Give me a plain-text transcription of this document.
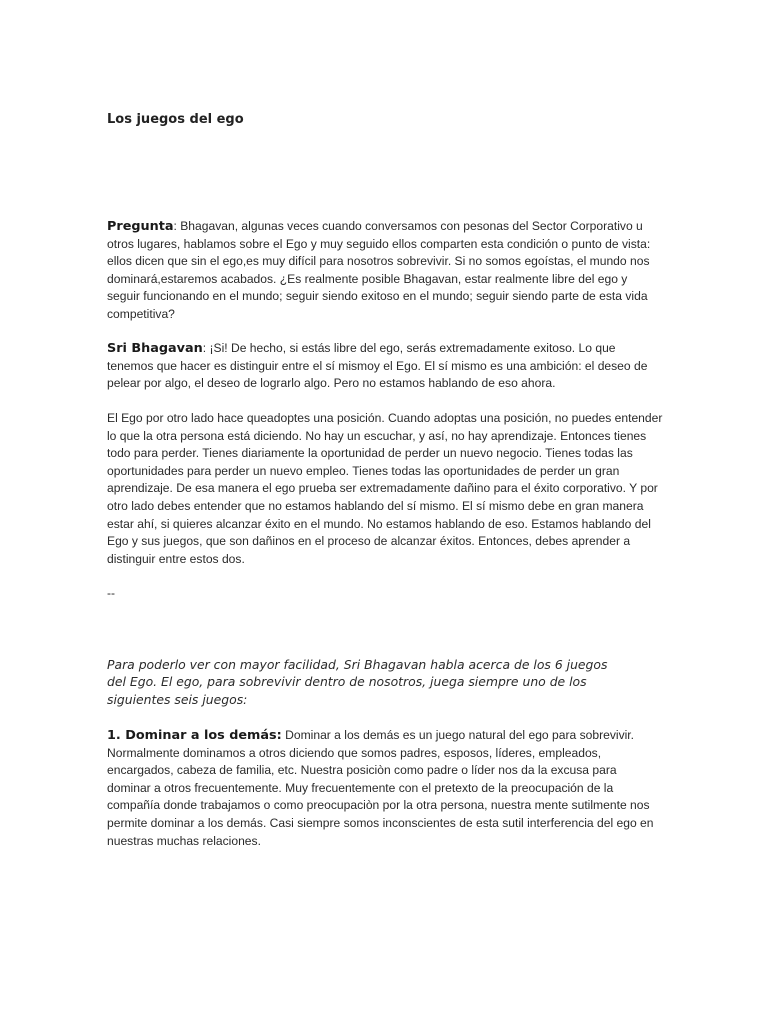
Los juegos del ego

Pregunta: Bhagavan, algunas veces cuando conversamos con pesonas del Sector Corporativo u otros lugares, hablamos sobre el Ego y muy seguido ellos comparten esta condición o punto de vista: ellos dicen que sin el ego,es muy difícil para nosotros sobrevivir. Si no somos egoístas, el mundo nos dominará,estaremos acabados. ¿Es realmente posible Bhagavan, estar realmente libre del ego y seguir funcionando en el mundo; seguir siendo exitoso en el mundo; seguir siendo parte de esta vida competitiva?

Sri Bhagavan: ¡Si! De hecho, si estás libre del ego, serás extremadamente exitoso. Lo que tenemos que hacer es distinguir entre el sí mismoy el Ego. El sí mismo es una ambición: el deseo de pelear por algo, el deseo de lograrlo algo. Pero no estamos hablando de eso ahora.

El Ego por otro lado hace queadoptes una posición. Cuando adoptas una posición, no puedes entender lo que la otra persona está diciendo. No hay un escuchar, y así, no hay aprendizaje. Entonces tienes todo para perder. Tienes diariamente la oportunidad de perder un nuevo negocio. Tienes todas las oportunidades para perder un nuevo empleo. Tienes todas las oportunidades de perder un gran aprendizaje. De esa manera el ego prueba ser extremadamente dañino para el éxito corporativo. Y por otro lado debes entender que no estamos hablando del sí mismo. El sí mismo debe en gran manera estar ahí, si quieres alcanzar éxito en el mundo. No estamos hablando de eso. Estamos hablando del Ego y sus juegos, que son dañinos en el proceso de alcanzar éxitos. Entonces, debes aprender a distinguir entre estos dos.

--

Para poderlo ver con mayor facilidad, Sri Bhagavan habla acerca de los 6 juegos del Ego. El ego, para sobrevivir dentro de nosotros, juega siempre uno de los siguientes seis juegos:

1. Dominar a los demás: Dominar a los demás es un juego natural del ego para sobrevivir. Normalmente dominamos a otros diciendo que somos padres, esposos, líderes, empleados, encargados, cabeza de familia, etc. Nuestra posiciòn como padre o líder nos da la excusa para dominar a otros frecuentemente. Muy frecuentemente con el pretexto de la preocupación de la compañía donde trabajamos o como preocupaciòn por la otra persona, nuestra mente sutilmente nos permite dominar a los demás. Casi siempre somos inconscientes de esta sutil interferencia del ego en nuestras muchas relaciones.
